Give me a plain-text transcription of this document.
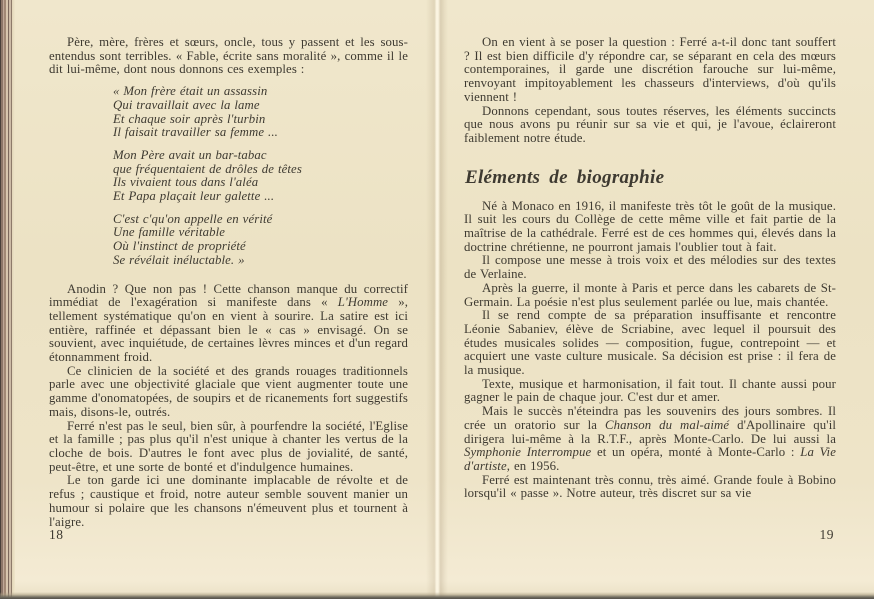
Père, mère, frères et sœurs, oncle, tous y passent et les sous-entendus sont terribles. « Fable, écrite sans moralité », comme il le dit lui-même, dont nous donnons ces exemples :

« Mon frère était un assassin
Qui travaillait avec la lame
Et chaque soir après l'turbin
Il faisait travailler sa femme ...
Mon Père avait un bar-tabac
que fréquentaient de drôles de têtes
Ils vivaient tous dans l'aléa
Et Papa plaçait leur galette ...
C'est c'qu'on appelle en vérité
Une famille véritable
Où l'instinct de propriété
Se révélait inéluctable. »

Anodin ? Que non pas ! Cette chanson manque du correctif immédiat de l'exagération si manifeste dans « L'Homme », tellement systématique qu'on en vient à sourire. La satire est ici entière, raffinée et dépassant bien le « cas » envisagé. On se souvient, avec inquiétude, de certaines lèvres minces et d'un regard étonnamment froid.

Ce clinicien de la société et des grands rouages traditionnels parle avec une objectivité glaciale que vient augmenter toute une gamme d'onomatopées, de soupirs et de ricanements fort suggestifs mais, disons-le, outrés.

Ferré n'est pas le seul, bien sûr, à pourfendre la société, l'Eglise et la famille ; pas plus qu'il n'est unique à chanter les vertus de la cloche de bois. D'autres le font avec plus de jovialité, de santé, peut-être, et une sorte de bonté et d'indulgence humaines.

Le ton garde ici une dominante implacable de révolte et de refus ; caustique et froid, notre auteur semble souvent manier un humour si polaire que les chansons n'émeuvent plus et tournent à l'aigre.

18

On en vient à se poser la question : Ferré a-t-il donc tant souffert ? Il est bien difficile d'y répondre car, se séparant en cela des mœurs contemporaines, il garde une discrétion farouche sur lui-même, renvoyant impitoyablement les chasseurs d'interviews, d'où qu'ils viennent !

Donnons cependant, sous toutes réserves, les éléments succincts que nous avons pu réunir sur sa vie et qui, je l'avoue, éclaireront faiblement notre étude.

Eléments de biographie

Né à Monaco en 1916, il manifeste très tôt le goût de la musique. Il suit les cours du Collège de cette même ville et fait partie de la maîtrise de la cathédrale. Ferré est de ces hommes qui, élevés dans la doctrine chrétienne, ne pourront jamais l'oublier tout à fait.

Il compose une messe à trois voix et des mélodies sur des textes de Verlaine.

Après la guerre, il monte à Paris et perce dans les cabarets de St-Germain. La poésie n'est plus seulement parlée ou lue, mais chantée.

Il se rend compte de sa préparation insuffisante et rencontre Léonie Sabaniev, élève de Scriabine, avec lequel il poursuit des études musicales solides — composition, fugue, contrepoint — et acquiert une vaste culture musicale. Sa décision est prise : il fera de la musique.

Texte, musique et harmonisation, il fait tout. Il chante aussi pour gagner le pain de chaque jour. C'est dur et amer.

Mais le succès n'éteindra pas les souvenirs des jours sombres. Il crée un oratorio sur la Chanson du mal-aimé d'Apollinaire qu'il dirigera lui-même à la R.T.F., après Monte-Carlo. De lui aussi la Symphonie Interrompue et un opéra, monté à Monte-Carlo : La Vie d'artiste, en 1956.

Ferré est maintenant très connu, très aimé. Grande foule à Bobino lorsqu'il « passe ». Notre auteur, très discret sur sa vie

19
